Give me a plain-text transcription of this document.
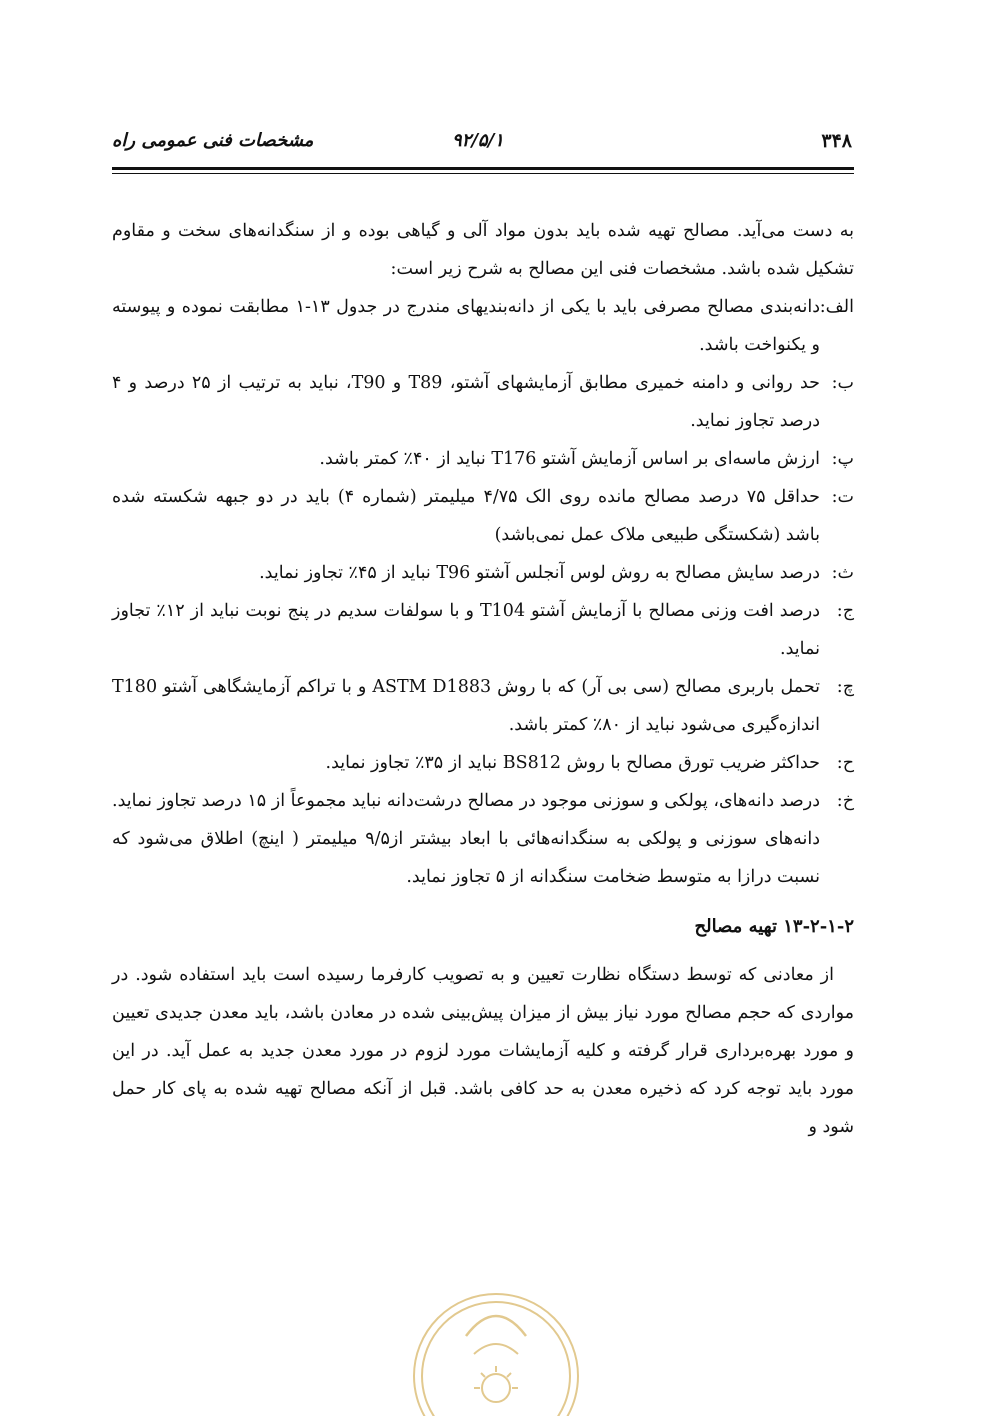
۳۴۸
۹۲/۵/۱
مشخصات فنی عمومی راه

به دست می‌آید. مصالح تهیه شده باید بدون مواد آلی و گیاهی بوده و از سنگدانه‌های سخت و مقاوم تشکیل شده باشد. مشخصات فنی این مصالح به شرح زیر است:

الف:
دانه‌بندی مصالح مصرفی باید با یکی از دانه‌بندیهای مندرج در جدول ۱۳-۱ مطابقت نموده و پیوسته و یکنواخت باشد.
ب:
حد روانی و دامنه خمیری مطابق آزمایشهای آشتو، T89 و T90، نباید به ترتیب از ۲۵ درصد و ۴ درصد تجاوز نماید.
پ:
ارزش ماسه‌ای بر اساس آزمایش آشتو T176 نباید از ۴۰٪ کمتر باشد.
ت:
حداقل ۷۵ درصد مصالح مانده روی الک ۴/۷۵ میلیمتر (شماره ۴) باید در دو جبهه شکسته شده باشد (شکستگی طبیعی ملاک عمل نمی‌باشد)
ث:
درصد سایش مصالح به روش لوس آنجلس آشتو T96 نباید از ۴۵٪ تجاوز نماید.
ج:
درصد افت وزنی مصالح با آزمایش آشتو T104 و با سولفات سدیم در پنج نوبت نباید از ۱۲٪ تجاوز نماید.
چ:
تحمل باربری مصالح (سی بی آر) که با روش ASTM D1883 و با تراکم آزمایشگاهی آشتو T180 اندازه‌گیری می‌شود نباید از ۸۰٪ کمتر باشد.
ح:
حداکثر ضریب تورق مصالح با روش BS812 نباید از ۳۵٪ تجاوز نماید.
خ:
درصد دانه‌های، پولکی و سوزنی موجود در مصالح درشت‌دانه نباید مجموعاً از ۱۵ درصد تجاوز نماید. دانه‌های سوزنی و پولکی به سنگدانه‌هائی با ابعاد بیشتر از۹/۵ میلیمتر ( اینچ) اطلاق می‌شود که نسبت درازا به متوسط ضخامت سنگدانه از ۵ تجاوز نماید.

۱۳-۲-۱-۲ تهیه مصالح

از معادنی که توسط دستگاه نظارت تعیین و به تصویب کارفرما رسیده است باید استفاده شود. در مواردی که حجم مصالح مورد نیاز بیش از میزان پیش‌بینی شده در معادن باشد، باید معدن جدیدی تعیین و مورد بهره‌برداری قرار گرفته و کلیه آزمایشات مورد لزوم در مورد معدن جدید به عمل آید. در این مورد باید توجه کرد که ذخیره معدن به حد کافی باشد. قبل از آنکه مصالح تهیه شده به پای کار حمل شود و
